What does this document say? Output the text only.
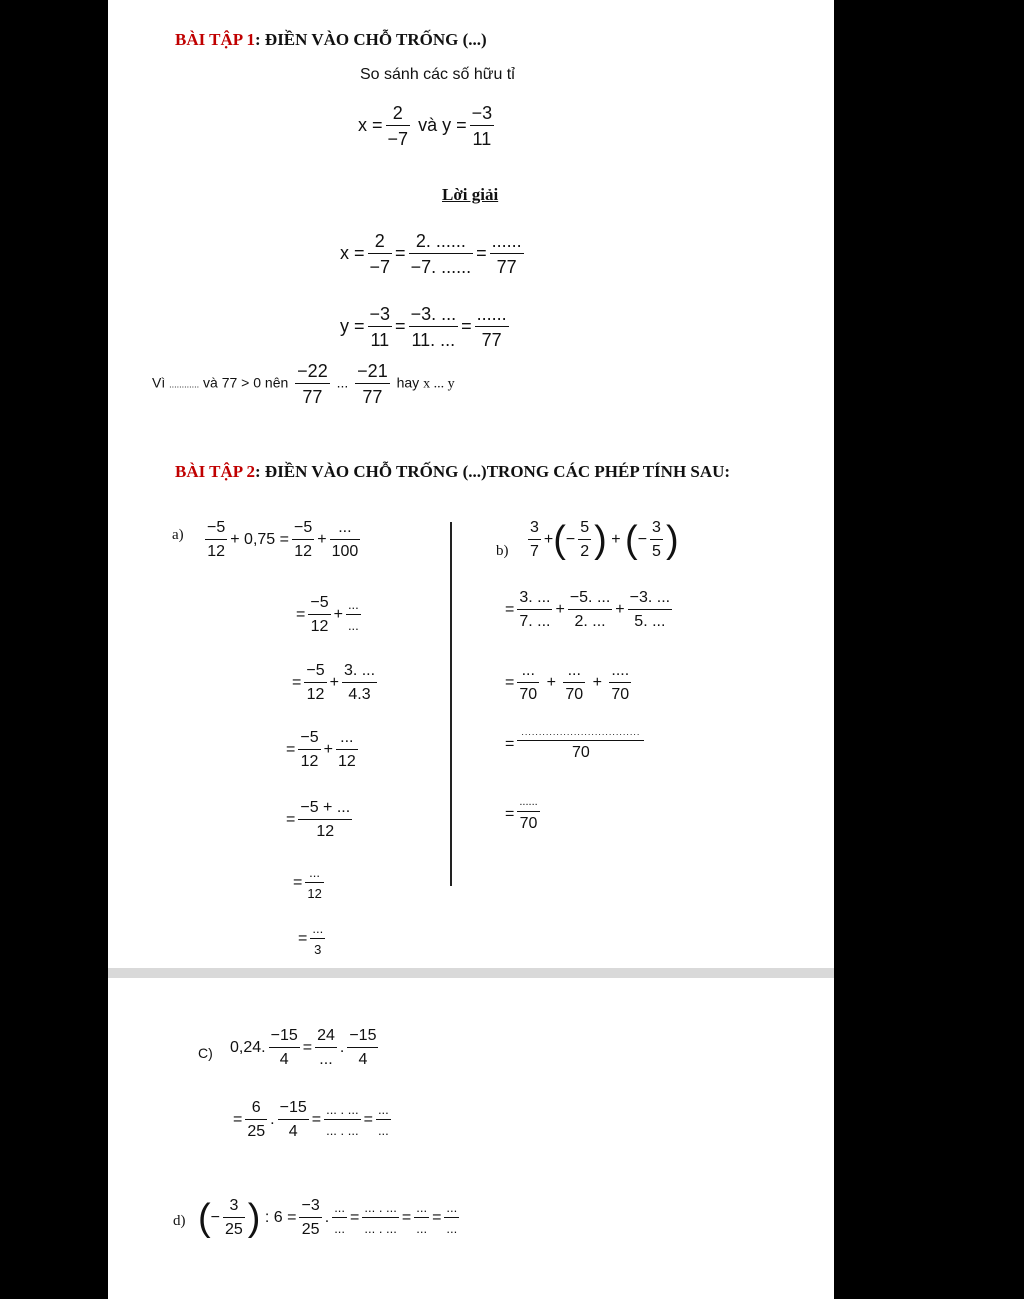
BÀI TẬP 1: ĐIỀN VÀO CHỖ TRỐNG (...)
So sánh các số hữu tỉ
$x = \frac{2}{-7}$ và $y = \frac{-3}{11}$
Lời giải
$x = \frac{2}{-7} = \frac{2. ......}{-7. ......} = \frac{......}{77}$
$y = \frac{-3}{11} = \frac{-3. ...}{11. ...} = \frac{......}{77}$
Vì ............ và 77 > 0 nên $\frac{-22}{77}$ ... $\frac{-21}{77}$ hay x ... y
BÀI TẬP 2: ĐIỀN VÀO CHỖ TRỐNG (...)TRONG CÁC PHÉP TÍNH SAU:
$a) \frac{-5}{12} + 0,75 = \frac{-5}{12} + \frac{...}{100}$
= $\frac{-5}{12} + \frac{...}{...}$
= $\frac{-5}{12} + \frac{3. ...}{4.3}$
= $\frac{-5}{12} + \frac{...}{12}$
= $\frac{-5 + ...}{12}$
= $\frac{...}{12}$
= $\frac{...}{3}$
$b) \frac{3}{7}$ +(− $\frac{5}{2}$ ) + (− $\frac{3}{5}$ )
= $\frac{3. ...}{7. ...} + \frac{-5. ...}{2. ...} + \frac{-3. ...}{5. ...}$
= $\frac{...}{70} + \frac{...}{70} + \frac{....}{70}$
= $\frac{..................................}{70}$
= $\frac{......}{70}$
C) 0,24. $\frac{-15}{4} = \frac{24}{...}$ . $\frac{-15}{4}$
= $\frac{6}{25}$ . $\frac{-15}{4} = \frac{... . ...}{... . ...} = \frac{...}{...}$
d) (− $\frac{3}{25}$ ) : $6 = \frac{-3}{25}$ . $\frac{...}{...} = \frac{... . ...}{... . ...} = \frac{...}{...} = \frac{...}{...}$
